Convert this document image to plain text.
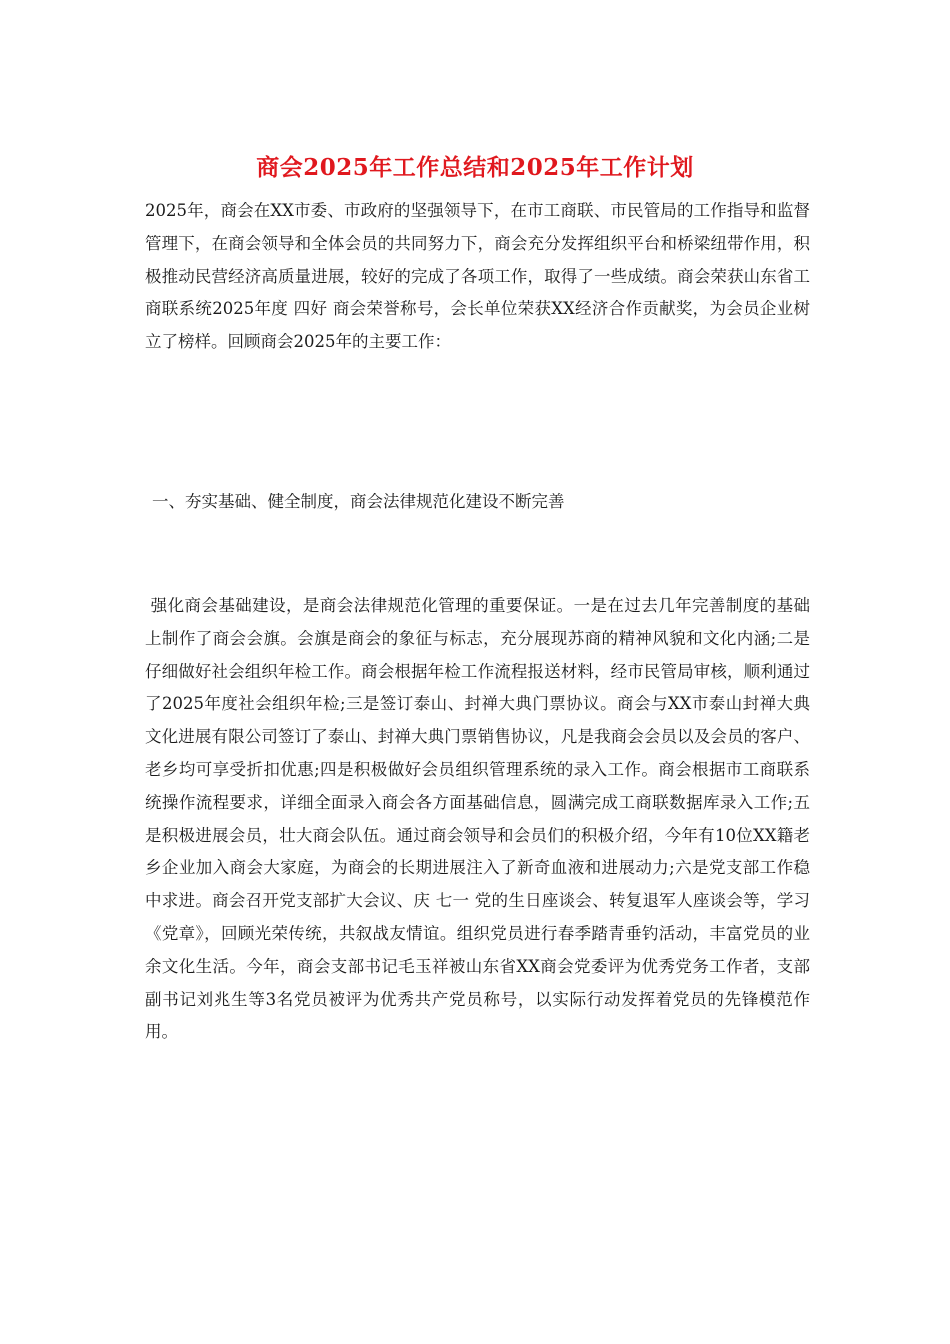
商会2025年工作总结和2025年工作计划

2025年，商会在XX市委、市政府的坚强领导下，在市工商联、市民管局的工作指导和监督管理下，在商会领导和全体会员的共同努力下，商会充分发挥组织平台和桥梁纽带作用，积极推动民营经济高质量进展，较好的完成了各项工作，取得了一些成绩。商会荣获山东省工商联系统2025年度 四好 商会荣誉称号，会长单位荣获XX经济合作贡献奖，为会员企业树立了榜样。回顾商会2025年的主要工作：

一、夯实基础、健全制度，商会法律规范化建设不断完善

强化商会基础建设，是商会法律规范化管理的重要保证。一是在过去几年完善制度的基础上制作了商会会旗。会旗是商会的象征与标志，充分展现苏商的精神风貌和文化内涵;二是仔细做好社会组织年检工作。商会根据年检工作流程报送材料，经市民管局审核，顺利通过了2025年度社会组织年检;三是签订泰山、封禅大典门票协议。商会与XX市泰山封禅大典文化进展有限公司签订了泰山、封禅大典门票销售协议，凡是我商会会员以及会员的客户、老乡均可享受折扣优惠;四是积极做好会员组织管理系统的录入工作。商会根据市工商联系统操作流程要求，详细全面录入商会各方面基础信息，圆满完成工商联数据库录入工作;五是积极进展会员，壮大商会队伍。通过商会领导和会员们的积极介绍，今年有10位XX籍老乡企业加入商会大家庭，为商会的长期进展注入了新奇血液和进展动力;六是党支部工作稳中求进。商会召开党支部扩大会议、庆 七一 党的生日座谈会、转复退军人座谈会等，学习《党章》，回顾光荣传统，共叙战友情谊。组织党员进行春季踏青垂钓活动，丰富党员的业余文化生活。今年，商会支部书记毛玉祥被山东省XX商会党委评为优秀党务工作者，支部副书记刘兆生等3名党员被评为优秀共产党员称号，以实际行动发挥着党员的先锋模范作用。
